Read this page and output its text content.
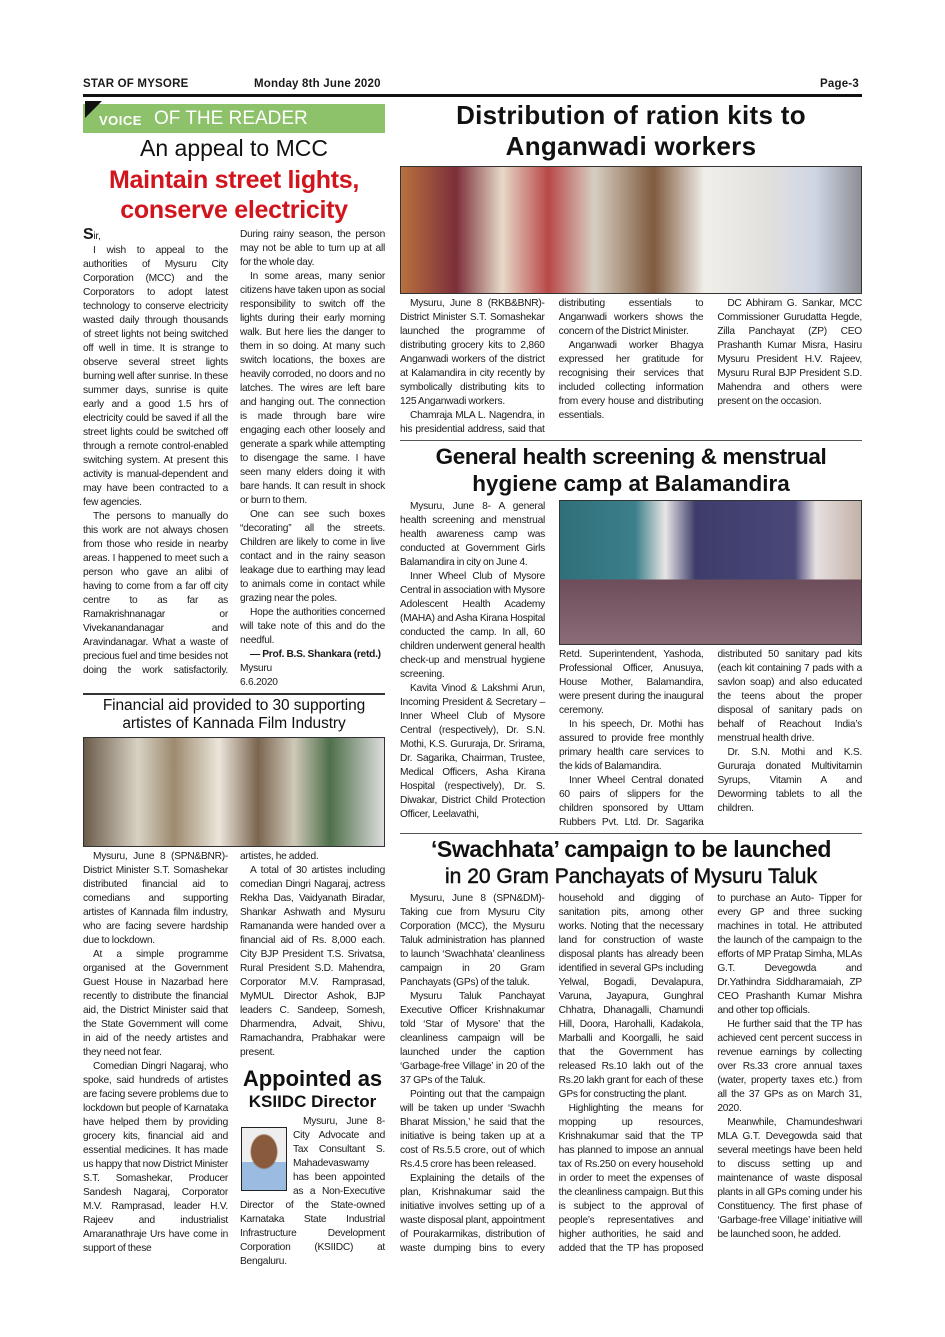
STAR OF MYSORE	Monday 8th June 2020	Page-3
VOICE OF THE READER
An appeal to MCC
Maintain street lights,
conserve electricity
Sir,

I wish to appeal to the authorities of Mysuru City Corporation (MCC) and the Corporators to adopt latest technology to conserve electricity wasted daily through thousands of street lights not being switched off well in time. It is strange to observe several street lights burning well after sunrise. In these summer days, sunrise is quite early and a good 1.5 hrs of electricity could be saved if all the street lights could be switched off through a remote control-enabled switching system. At present this activity is manual-dependent and may have been contracted to a few agencies.

The persons to manually do this work are not always chosen from those who reside in nearby areas. I happened to meet such a person who gave an alibi of having to come from a far off city centre to as far as Ramakrishnanagar or Vivekanandanagar and Aravindanagar. What a waste of precious fuel and time besides not doing the work satisfactorily. During rainy season, the person may not be able to turn up at all for the whole day.

In some areas, many senior citizens have taken upon as social responsibility to switch off the lights during their early morning walk. But here lies the danger to them in so doing. At many such switch locations, the boxes are heavily corroded, no doors and no latches. The wires are left bare and hanging out. The connection is made through bare wire engaging each other loosely and generate a spark while attempting to disengage the same. I have seen many elders doing it with bare hands. It can result in shock or burn to them.

One can see such boxes “decorating” all the streets. Children are likely to come in live contact and in the rainy season leakage due to earthing may lead to animals come in contact while grazing near the poles.

Hope the authorities concerned will take note of this and do the needful.

— Prof. B.S. Shankara (retd.)

Mysuru
6.6.2020
Financial aid provided to 30 supporting
artistes of Kannada Film Industry

Mysuru, June 8 (SPN&BNR)- District Minister S.T. Somashekar distributed financial aid to comedians and supporting artistes of Kannada film industry, who are facing severe hardship due to lockdown.

At a simple programme organised at the Government Guest House in Nazarbad here recently to distribute the financial aid, the District Minister said that the State Government will come in aid of the needy artistes and they need not fear.

Comedian Dingri Nagaraj, who spoke, said hundreds of artistes are facing severe problems due to lockdown but people of Karnataka have helped them by providing grocery kits, financial aid and essential medicines. It has made us happy that now District Minister S.T. Somashekar, Producer Sandesh Nagaraj, Corporator M.V. Ramprasad, leader H.V. Rajeev and industrialist Amaranathraje Urs have come in support of these

artistes, he added.

A total of 30 artistes including comedian Dingri Nagaraj, actress Rekha Das, Vaidyanath Biradar, Shankar Ashwath and Mysuru Ramananda were handed over a financial aid of Rs. 8,000 each. City BJP President T.S. Srivatsa, Rural President S.D. Mahendra, Corporator M.V. Ramprasad, MyMUL Director Ashok, BJP leaders C. Sandeep, Somesh, Dharmendra, Advait, Shivu, Ramachandra, Prabhakar were present.

Appointed as
KSIIDC Director

Mysuru, June 8- City Advocate and Tax Consultant S. Mahadevaswamy has been appointed as a Non-Executive Director of the State-owned Karnataka State Industrial Infrastructure Development Corporation (KSIIDC) at Bengaluru.

Distribution of ration kits to
Anganwadi workers

Mysuru, June 8 (RKB&BNR)- District Minister S.T. Somashekar launched the programme of distributing grocery kits to 2,860 Anganwadi workers of the district at Kalamandira in city recently by symbolically distributing kits to 125 Anganwadi workers.

Chamraja MLA L. Nagendra, in his presidential address, said that distributing essentials to Anganwadi workers shows the concern of the District Minister.

Anganwadi worker Bhagya expressed her gratitude for recognising their services that included collecting information from every house and distributing essentials.

DC Abhiram G. Sankar, MCC Commissioner Gurudatta Hegde, Zilla Panchayat (ZP) CEO Prashanth Kumar Misra, Hasiru Mysuru President H.V. Rajeev, Mysuru Rural BJP President S.D. Mahendra and others were present on the occasion.

General health screening & menstrual
hygiene camp at Balamandira

Mysuru, June 8- A general health screening and menstrual health awareness camp was conducted at Government Girls Balamandira in city on June 4.

Inner Wheel Club of Mysore Central in association with Mysore Adolescent Health Academy (MAHA) and Asha Kirana Hospital conducted the camp. In all, 60 children underwent general health check-up and menstrual hygiene screening.

Kavita Vinod & Lakshmi Arun, Incoming President & Secretary – Inner Wheel Club of Mysore Central (respectively), Dr. S.N. Mothi, K.S. Gururaja, Dr. Srirama, Dr. Sagarika, Chairman, Trustee, Medical Officers, Asha Kirana Hospital (respectively), Dr. S. Diwakar, District Child Protection Officer, Leelavathi,

Retd. Superintendent, Yashoda, Professional Officer, Anusuya, House Mother, Balamandira, were present during the inaugural ceremony.

In his speech, Dr. Mothi has assured to provide free monthly primary health care services to the kids of Balamandira.

Inner Wheel Central donated 60 pairs of slippers for the children sponsored by Uttam Rubbers Pvt. Ltd. Dr. Sagarika distributed 50 sanitary pad kits (each kit containing 7 pads with a savlon soap) and also educated the teens about the proper disposal of sanitary pads on behalf of Reachout India’s menstrual health drive.

Dr. S.N. Mothi and K.S. Gururaja donated Multivitamin Syrups, Vitamin A and Deworming tablets to all the children.

‘Swachhata’ campaign to be launched
in 20 Gram Panchayats of Mysuru Taluk

Mysuru, June 8 (SPN&DM)- Taking cue from Mysuru City Corporation (MCC), the Mysuru Taluk administration has planned to launch ‘Swachhata’ cleanliness campaign in 20 Gram Panchayats (GPs) of the taluk.

Mysuru Taluk Panchayat Executive Officer Krishnakumar told ‘Star of Mysore’ that the cleanliness campaign will be launched under the caption ‘Garbage-free Village’ in 20 of the 37 GPs of the Taluk.

Pointing out that the campaign will be taken up under ‘Swachh Bharat Mission,’ he said that the initiative is being taken up at a cost of Rs.5.5 crore, out of which Rs.4.5 crore has been released.

Explaining the details of the plan, Krishnakumar said the initiative involves setting up of a waste disposal plant, appointment of Pourakarmikas, distribution of waste dumping bins to every household and digging of sanitation pits, among other works. Noting that the necessary land for construction of waste disposal plants has already been identified in several GPs including Yelwal, Bogadi, Devalapura, Varuna, Jayapura, Gunghral Chhatra, Dhanagalli, Chamundi Hill, Doora, Harohalli, Kadakola, Marballi and Koorgalli, he said that the Government has released Rs.10 lakh out of the Rs.20 lakh grant for each of these GPs for constructing the plant.

Highlighting the means for mopping up resources, Krishnakumar said that the TP has planned to impose an annual tax of Rs.250 on every household in order to meet the expenses of the cleanliness campaign. But this is subject to the approval of people’s representatives and higher authorities, he said and added that the TP has proposed to purchase an Auto- Tipper for every GP and three sucking machines in total. He attributed the launch of the campaign to the efforts of MP Pratap Simha, MLAs G.T. Devegowda and Dr.Yathindra Siddharamaiah, ZP CEO Prashanth Kumar Mishra and other top officials.

He further said that the TP has achieved cent percent success in revenue earnings by collecting over Rs.33 crore annual taxes (water, property taxes etc.) from all the 37 GPs as on March 31, 2020.

Meanwhile, Chamundeshwari MLA G.T. Devegowda said that several meetings have been held to discuss setting up and maintenance of waste disposal plants in all GPs coming under his Constituency. The first phase of ‘Garbage-free Village’ initiative will be launched soon, he added.
